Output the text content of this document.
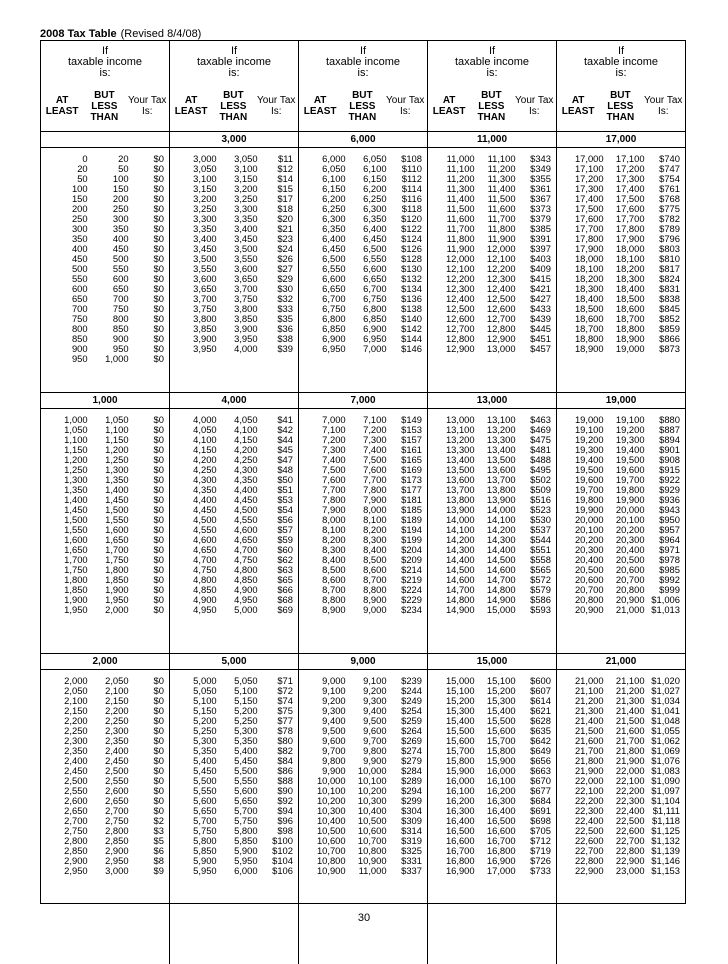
2008 Tax Table (Revised 8/4/08)
If
taxable income
is:
AT LEAST
BUT LESS THAN
Your Tax Is:
If
taxable income
is:
AT LEAST
BUT LESS THAN
Your Tax Is:
If
taxable income
is:
AT LEAST
BUT LESS THAN
Your Tax Is:
If
taxable income
is:
AT LEAST
BUT LESS THAN
Your Tax Is:
If
taxable income
is:
AT LEAST
BUT LESS THAN
Your Tax Is:
0	20	$0
20	50	$0
50	100	$0
100	150	$0
150	200	$0
200	250	$0
250	300	$0
300	350	$0
350	400	$0
400	450	$0
450	500	$0
500	550	$0
550	600	$0
600	650	$0
650	700	$0
700	750	$0
750	800	$0
800	850	$0
850	900	$0
900	950	$0
950	1,000	$0
3,000
3,000	3,050	$11
3,050	3,100	$12
3,100	3,150	$14
3,150	3,200	$15
3,200	3,250	$17
3,250	3,300	$18
3,300	3,350	$20
3,350	3,400	$21
3,400	3,450	$23
3,450	3,500	$24
3,500	3,550	$26
3,550	3,600	$27
3,600	3,650	$29
3,650	3,700	$30
3,700	3,750	$32
3,750	3,800	$33
3,800	3,850	$35
3,850	3,900	$36
3,900	3,950	$38
3,950	4,000	$39
6,000
6,000	6,050	$108
6,050	6,100	$110
6,100	6,150	$112
6,150	6,200	$114
6,200	6,250	$116
6,250	6,300	$118
6,300	6,350	$120
6,350	6,400	$122
6,400	6,450	$124
6,450	6,500	$126
6,500	6,550	$128
6,550	6,600	$130
6,600	6,650	$132
6,650	6,700	$134
6,700	6,750	$136
6,750	6,800	$138
6,800	6,850	$140
6,850	6,900	$142
6,900	6,950	$144
6,950	7,000	$146
11,000
11,000	11,100	$343
11,100	11,200	$349
11,200	11,300	$355
11,300	11,400	$361
11,400	11,500	$367
11,500	11,600	$373
11,600	11,700	$379
11,700	11,800	$385
11,800	11,900	$391
11,900	12,000	$397
12,000	12,100	$403
12,100	12,200	$409
12,200	12,300	$415
12,300	12,400	$421
12,400	12,500	$427
12,500	12,600	$433
12,600	12,700	$439
12,700	12,800	$445
12,800	12,900	$451
12,900	13,000	$457
17,000
17,000	17,100	$740
17,100	17,200	$747
17,200	17,300	$754
17,300	17,400	$761
17,400	17,500	$768
17,500	17,600	$775
17,600	17,700	$782
17,700	17,800	$789
17,800	17,900	$796
17,900	18,000	$803
18,000	18,100	$810
18,100	18,200	$817
18,200	18,300	$824
18,300	18,400	$831
18,400	18,500	$838
18,500	18,600	$845
18,600	18,700	$852
18,700	18,800	$859
18,800	18,900	$866
18,900	19,000	$873
1,000
1,000	1,050	$0
1,050	1,100	$0
1,100	1,150	$0
1,150	1,200	$0
1,200	1,250	$0
1,250	1,300	$0
1,300	1,350	$0
1,350	1,400	$0
1,400	1,450	$0
1,450	1,500	$0
1,500	1,550	$0
1,550	1,600	$0
1,600	1,650	$0
1,650	1,700	$0
1,700	1,750	$0
1,750	1,800	$0
1,800	1,850	$0
1,850	1,900	$0
1,900	1,950	$0
1,950	2,000	$0
4,000
4,000	4,050	$41
4,050	4,100	$42
4,100	4,150	$44
4,150	4,200	$45
4,200	4,250	$47
4,250	4,300	$48
4,300	4,350	$50
4,350	4,400	$51
4,400	4,450	$53
4,450	4,500	$54
4,500	4,550	$56
4,550	4,600	$57
4,600	4,650	$59
4,650	4,700	$60
4,700	4,750	$62
4,750	4,800	$63
4,800	4,850	$65
4,850	4,900	$66
4,900	4,950	$68
4,950	5,000	$69
7,000
7,000	7,100	$149
7,100	7,200	$153
7,200	7,300	$157
7,300	7,400	$161
7,400	7,500	$165
7,500	7,600	$169
7,600	7,700	$173
7,700	7,800	$177
7,800	7,900	$181
7,900	8,000	$185
8,000	8,100	$189
8,100	8,200	$194
8,200	8,300	$199
8,300	8,400	$204
8,400	8,500	$209
8,500	8,600	$214
8,600	8,700	$219
8,700	8,800	$224
8,800	8,900	$229
8,900	9,000	$234
13,000
13,000	13,100	$463
13,100	13,200	$469
13,200	13,300	$475
13,300	13,400	$481
13,400	13,500	$488
13,500	13,600	$495
13,600	13,700	$502
13,700	13,800	$509
13,800	13,900	$516
13,900	14,000	$523
14,000	14,100	$530
14,100	14,200	$537
14,200	14,300	$544
14,300	14,400	$551
14,400	14,500	$558
14,500	14,600	$565
14,600	14,700	$572
14,700	14,800	$579
14,800	14,900	$586
14,900	15,000	$593
19,000
19,000	19,100	$880
19,100	19,200	$887
19,200	19,300	$894
19,300	19,400	$901
19,400	19,500	$908
19,500	19,600	$915
19,600	19,700	$922
19,700	19,800	$929
19,800	19,900	$936
19,900	20,000	$943
20,000	20,100	$950
20,100	20,200	$957
20,200	20,300	$964
20,300	20,400	$971
20,400	20,500	$978
20,500	20,600	$985
20,600	20,700	$992
20,700	20,800	$999
20,800	20,900 $1,006
20,900	21,000 $1,013
2,000
2,000	2,050	$0
2,050	2,100	$0
2,100	2,150	$0
2,150	2,200	$0
2,200	2,250	$0
2,250	2,300	$0
2,300	2,350	$0
2,350	2,400	$0
2,400	2,450	$0
2,450	2,500	$0
2,500	2,550	$0
2,550	2,600	$0
2,600	2,650	$0
2,650	2,700	$0
2,700	2,750	$2
2,750	2,800	$3
2,800	2,850	$5
2,850	2,900	$6
2,900	2,950	$8
2,950	3,000	$9
5,000
5,000	5,050	$71
5,050	5,100	$72
5,100	5,150	$74
5,150	5,200	$75
5,200	5,250	$77
5,250	5,300	$78
5,300	5,350	$80
5,350	5,400	$82
5,400	5,450	$84
5,450	5,500	$86
5,500	5,550	$88
5,550	5,600	$90
5,600	5,650	$92
5,650	5,700	$94
5,700	5,750	$96
5,750	5,800	$98
5,800	5,850	$100
5,850	5,900	$102
5,900	5,950	$104
5,950	6,000	$106
9,000
9,000	9,100	$239
9,100	9,200	$244
9,200	9,300	$249
9,300	9,400	$254
9,400	9,500	$259
9,500	9,600	$264
9,600	9,700	$269
9,700	9,800	$274
9,800	9,900	$279
9,900	10,000	$284
10,000	10,100	$289
10,100	10,200	$294
10,200	10,300	$299
10,300	10,400	$304
10,400	10,500	$309
10,500	10,600	$314
10,600	10,700	$319
10,700	10,800	$325
10,800	10,900	$331
10,900	11,000	$337
15,000
15,000	15,100	$600
15,100	15,200	$607
15,200	15,300	$614
15,300	15,400	$621
15,400	15,500	$628
15,500	15,600	$635
15,600	15,700	$642
15,700	15,800	$649
15,800	15,900	$656
15,900	16,000	$663
16,000	16,100	$670
16,100	16,200	$677
16,200	16,300	$684
16,300	16,400	$691
16,400	16,500	$698
16,500	16,600	$705
16,600	16,700	$712
16,700	16,800	$719
16,800	16,900	$726
16,900	17,000	$733
21,000
21,000	21,100 $1,020
21,100	21,200 $1,027
21,200	21,300 $1,034
21,300	21,400 $1,041
21,400	21,500 $1,048
21,500	21,600 $1,055
21,600	21,700 $1,062
21,700	21,800 $1,069
21,800	21,900 $1,076
21,900	22,000 $1,083
22,000	22,100 $1,090
22,100	22,200 $1,097
22,200	22,300 $1,104
22,300	22,400 $1,111
22,400	22,500 $1,118
22,500	22,600 $1,125
22,600	22,700 $1,132
22,700	22,800 $1,139
22,800	22,900 $1,146
22,900	23,000 $1,153
30
